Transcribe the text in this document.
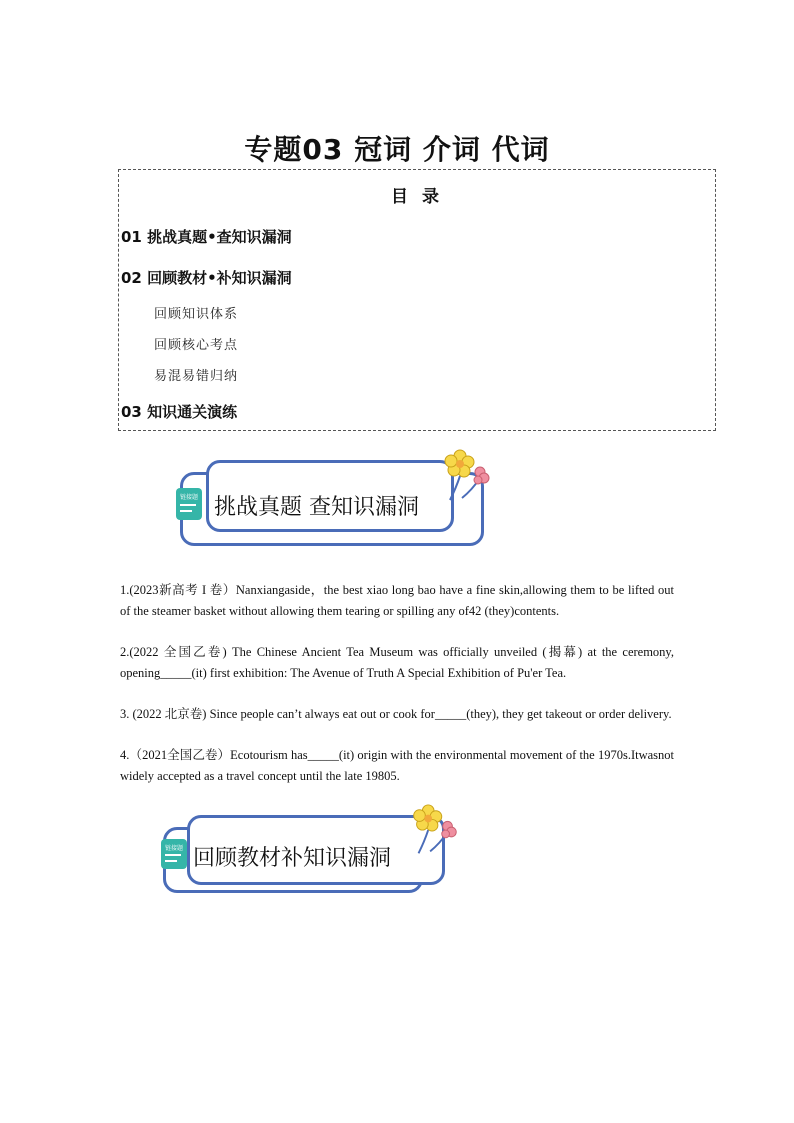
专题03 冠词 介词 代词
目 录
01 挑战真题•查知识漏洞
02 回顾教材•补知识漏洞
回顾知识体系
回顾核心考点
易混易错归纳
03 知识通关演练
链接题 挑战真题 查知识漏洞
1.(2023新高考 I 卷）Nanxiangaside，the best xiao long bao have a fine skin,allowing them to be lifted out of the steamer basket without allowing them tearing or spilling any of42 (they)contents.
2.(2022 全国乙卷) The Chinese Ancient Tea Museum was officially unveiled (揭幕) at the ceremony, opening_____(it) first exhibition: The Avenue of Truth A Special Exhibition of Pu'er Tea.
3. (2022 北京卷) Since people can’t always eat out or cook for_____(they), they get takeout or order delivery.
4.（2021全国乙卷）Ecotourism has_____(it) origin with the environmental movement of the 1970s.Itwasnot widely accepted as a travel concept until the late 19805.
链接题 回顾教材补知识漏洞
